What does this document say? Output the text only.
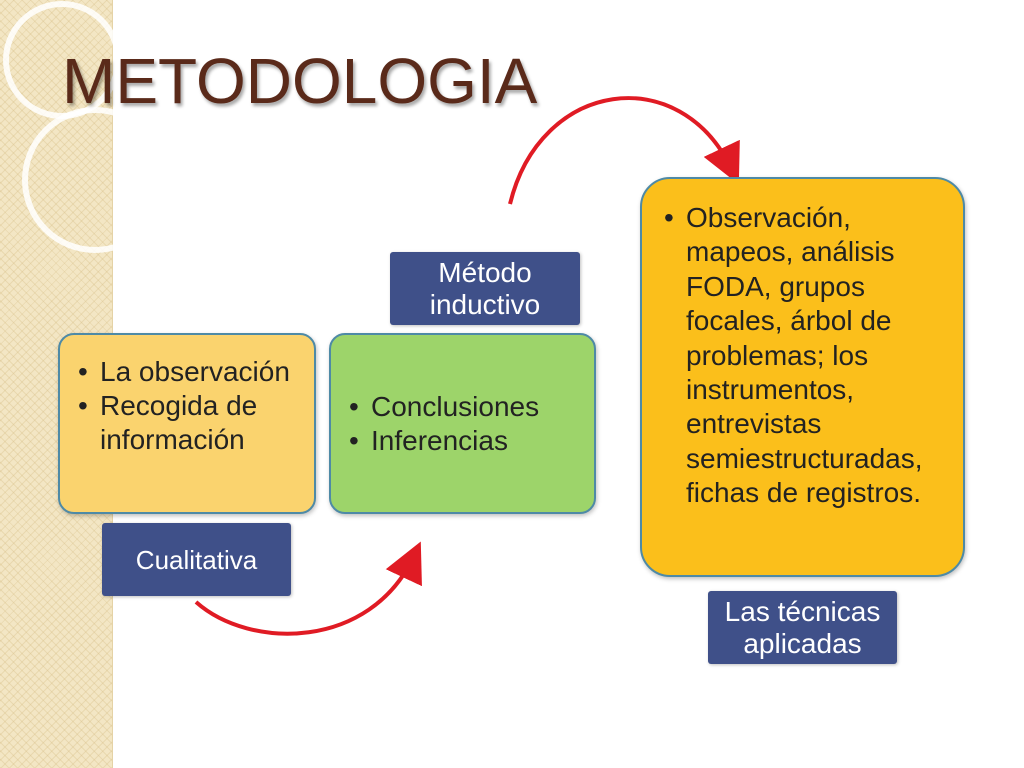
METODOLOGIA
• La observación
• Recogida de información
• Conclusiones
• Inferencias
• Observación, mapeos, análisis FODA, grupos focales, árbol de problemas; los instrumentos, entrevistas semiestructuradas, fichas de registros.
Cualitativa
Método inductivo
Las técnicas aplicadas
